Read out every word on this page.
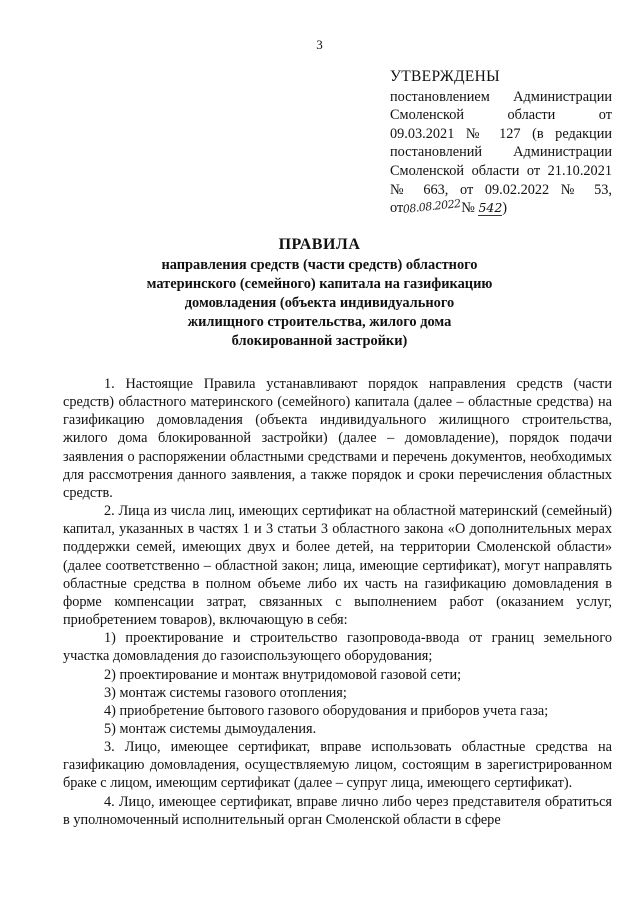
3
УТВЕРЖДЕНЫ
постановлением Администрации
Смоленской области от
09.03.2021 № 127 (в редакции
постановлений Администрации
Смоленской области от 21.10.2021
№ 663, от 09.02.2022 № 53,
от08.08.2022№ 542)
ПРАВИЛА
направления средств (части средств) областного
материнского (семейного) капитала на газификацию
домовладения (объекта индивидуального
жилищного строительства, жилого дома
блокированной застройки)

1. Настоящие Правила устанавливают порядок направления средств (части средств) областного материнского (семейного) капитала (далее – областные средства) на газификацию домовладения (объекта индивидуального жилищного строительства, жилого дома блокированной застройки) (далее – домовладение), порядок подачи заявления о распоряжении областными средствами и перечень документов, необходимых для рассмотрения данного заявления, а также порядок и сроки перечисления областных средств.

2. Лица из числа лиц, имеющих сертификат на областной материнский (семейный) капитал, указанных в частях 1 и 3 статьи 3 областного закона «О дополнительных мерах поддержки семей, имеющих двух и более детей, на территории Смоленской области» (далее соответственно – областной закон; лица, имеющие сертификат), могут направлять областные средства в полном объеме либо их часть на газификацию домовладения в форме компенсации затрат, связанных с выполнением работ (оказанием услуг, приобретением товаров), включающую в себя:

1) проектирование и строительство газопровода-ввода от границ земельного участка домовладения до газоиспользующего оборудования;

2) проектирование и монтаж внутридомовой газовой сети;

3) монтаж системы газового отопления;

4) приобретение бытового газового оборудования и приборов учета газа;

5) монтаж системы дымоудаления.

3. Лицо, имеющее сертификат, вправе использовать областные средства на газификацию домовладения, осуществляемую лицом, состоящим в зарегистрированном браке с лицом, имеющим сертификат (далее – супруг лица, имеющего сертификат).

4. Лицо, имеющее сертификат, вправе лично либо через представителя обратиться в уполномоченный исполнительный орган Смоленской области в сфере
